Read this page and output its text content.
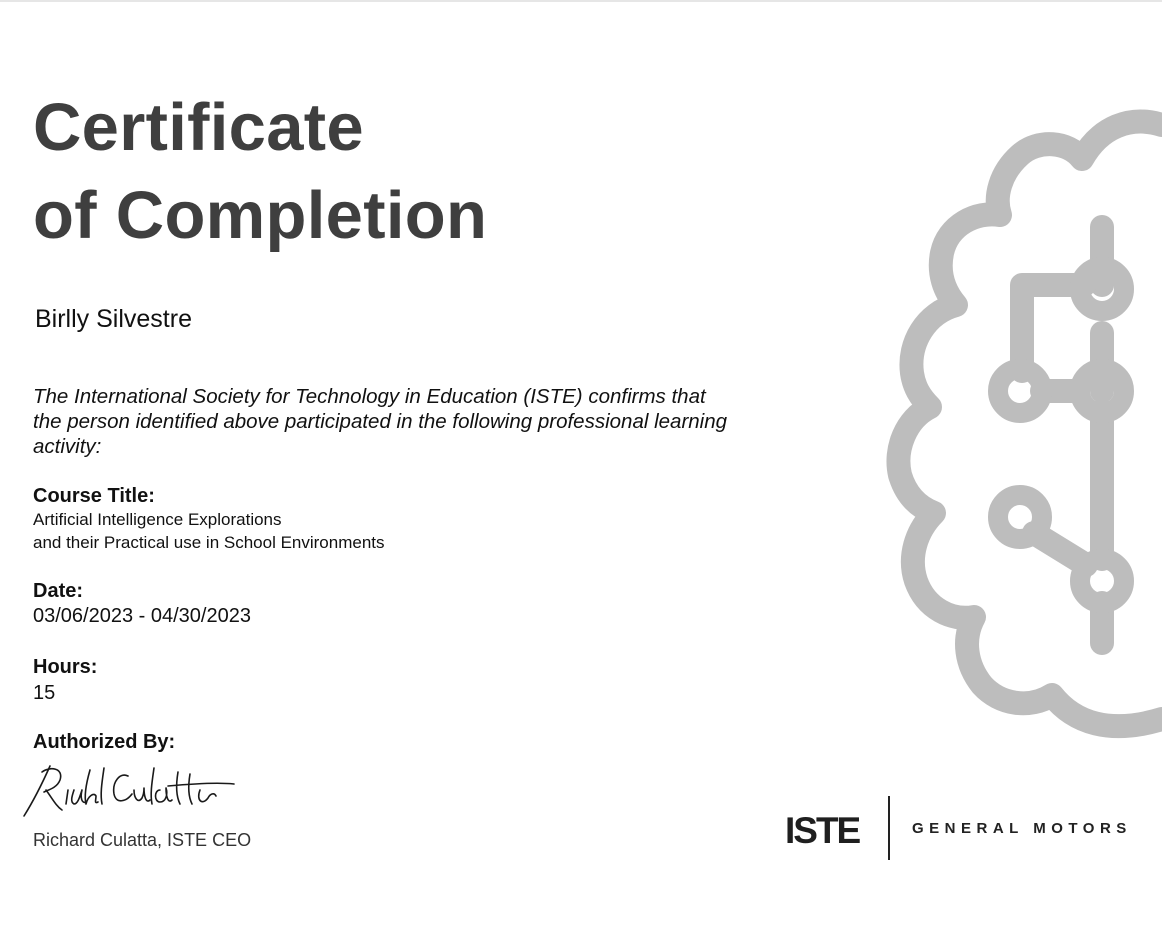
Certificate
of Completion
Birlly Silvestre
The International Society for Technology in Education (ISTE) confirms that the person identified above participated in the following professional learning activity:
Course Title:
Artificial Intelligence Explorations
and their Practical use in School Environments
Date:
03/06/2023 - 04/30/2023
Hours:
15
Authorized By:
Richard Culatta, ISTE CEO	ISTE	GENERAL MOTORS
